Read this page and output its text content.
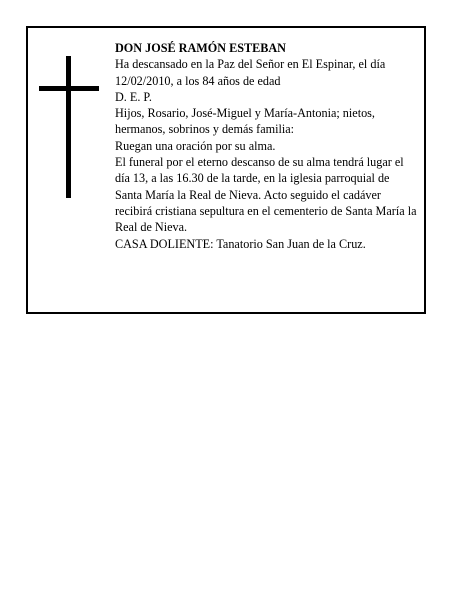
DON JOSÉ RAMÓN ESTEBAN

Ha descansado en la Paz del Señor en El Espinar, el día 12/02/2010, a los 84 años de edad

D. E. P.

Hijos, Rosario, José-Miguel y María-Antonia; nietos, hermanos, sobrinos y demás familia:

Ruegan una oración por su alma.

El funeral por el eterno descanso de su alma tendrá lugar el día 13, a las 16.30 de la tarde, en la iglesia parroquial de Santa María la Real de Nieva. Acto seguido el cadáver recibirá cristiana sepultura en el cementerio de Santa María la Real de Nieva.

CASA DOLIENTE: Tanatorio San Juan de la Cruz.
